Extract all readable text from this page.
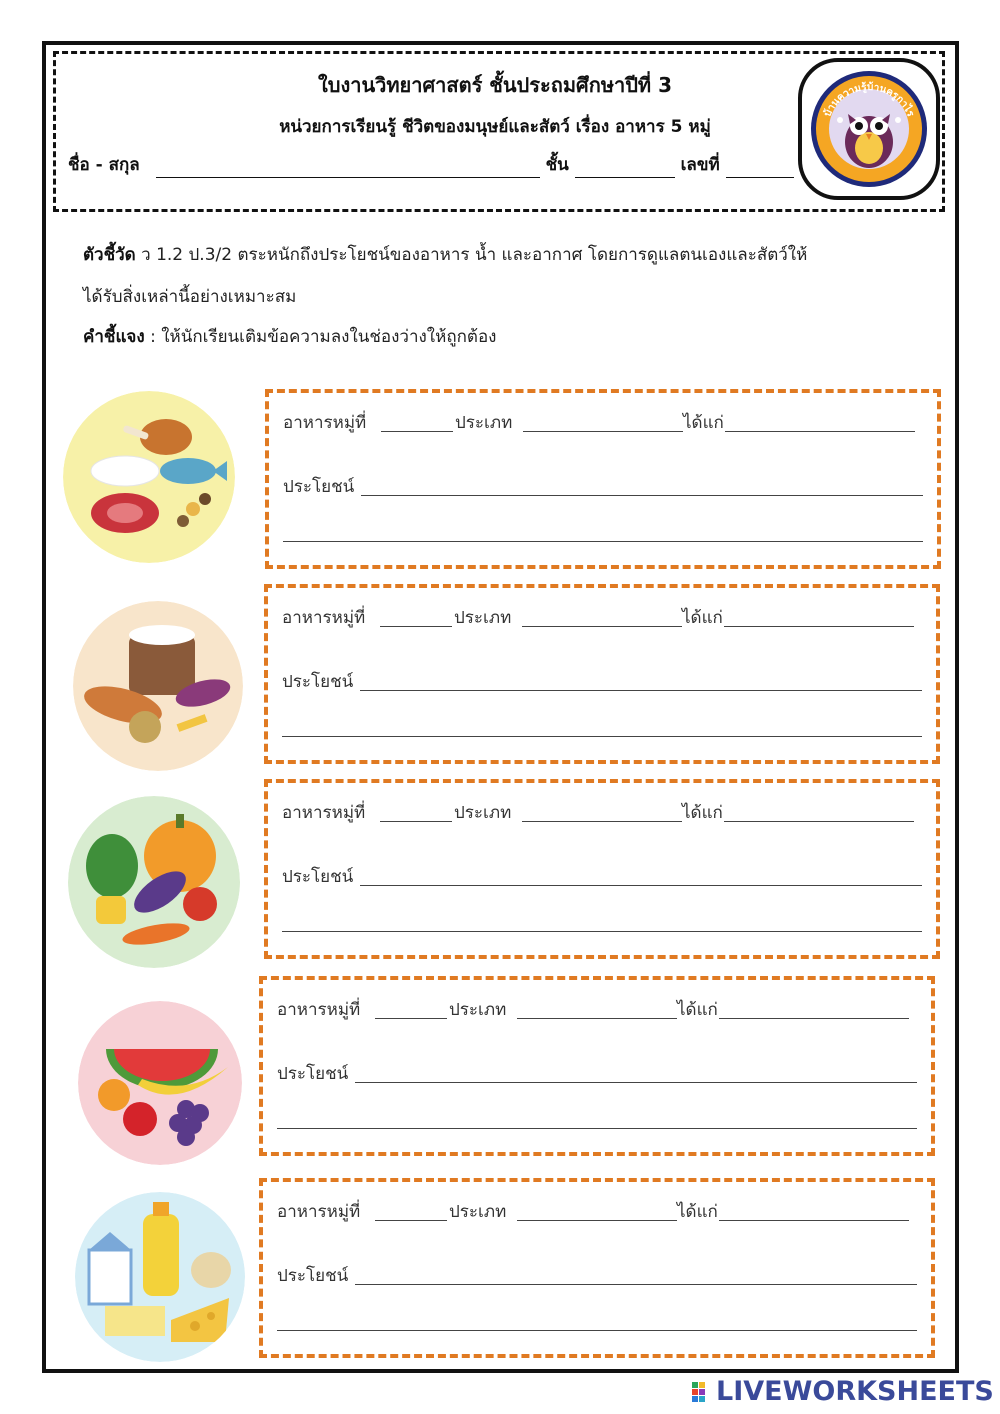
ใบงานวิทยาศาสตร์ ชั้นประถมศึกษาปีที่ 3
หน่วยการเรียนรู้ ชีวิตของมนุษย์และสัตว์ เรื่อง อาหาร 5 หมู่
ชื่อ - สกุล	ชั้น	เลขที่
บ้านความรู้บ้านครูกาไร
ตัวชี้วัด ว 1.2 ป.3/2 ตระหนักถึงประโยชน์ของอาหาร น้ำ และอากาศ โดยการดูแลตนเองและสัตว์ให้
ได้รับสิ่งเหล่านี้อย่างเหมาะสม
คำชี้แจง : ให้นักเรียนเติมข้อความลงในช่องว่างให้ถูกต้อง
อาหารหมู่ที่	ประเภท	ได้แก่
ประโยชน์
อาหารหมู่ที่	ประเภท	ได้แก่
ประโยชน์
อาหารหมู่ที่	ประเภท	ได้แก่
ประโยชน์
อาหารหมู่ที่	ประเภท	ได้แก่
ประโยชน์
อาหารหมู่ที่	ประเภท	ได้แก่
ประโยชน์
LIVEWORKSHEETS
